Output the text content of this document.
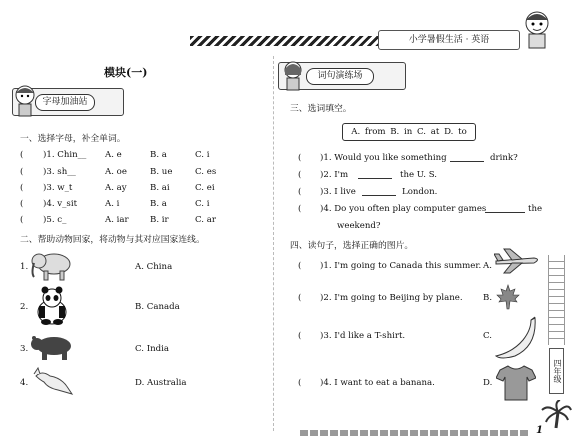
小学暑假生活 · 英语
模块(一)
字母加油站
一、选择字母，补全单词。
( )1. Chin__ A. e	B. a	C. i
( )3. sh__	A. oe	B. ue	C. es
( )3. w_t	A. ay	B. ai	C. ei
( )4. v_sit	A. i	B. a	C. i
( )5. c_	A. iar B. ir	C. ar
二、帮助动物回家，将动物与其对应国家连线。
1.	A. China
2.	B. Canada
3.	C. India
4.	D. Australia
词句演练场
三、选词填空。
A. from B. in C. at D. to
( )1. Would you like something	drink?
( )2. I'm	the U. S.
( )3. I live	London.
( )4. Do you often play computer games	the
weekend?
四、读句子，选择正确的图片。
( )1. I'm going to Canada this summer. A.
( )2. I'm going to Beijing by plane. B.
( )3. I'd like a T-shirt.	C.
( )4. I want to eat a banana.	D.	四年级
1
